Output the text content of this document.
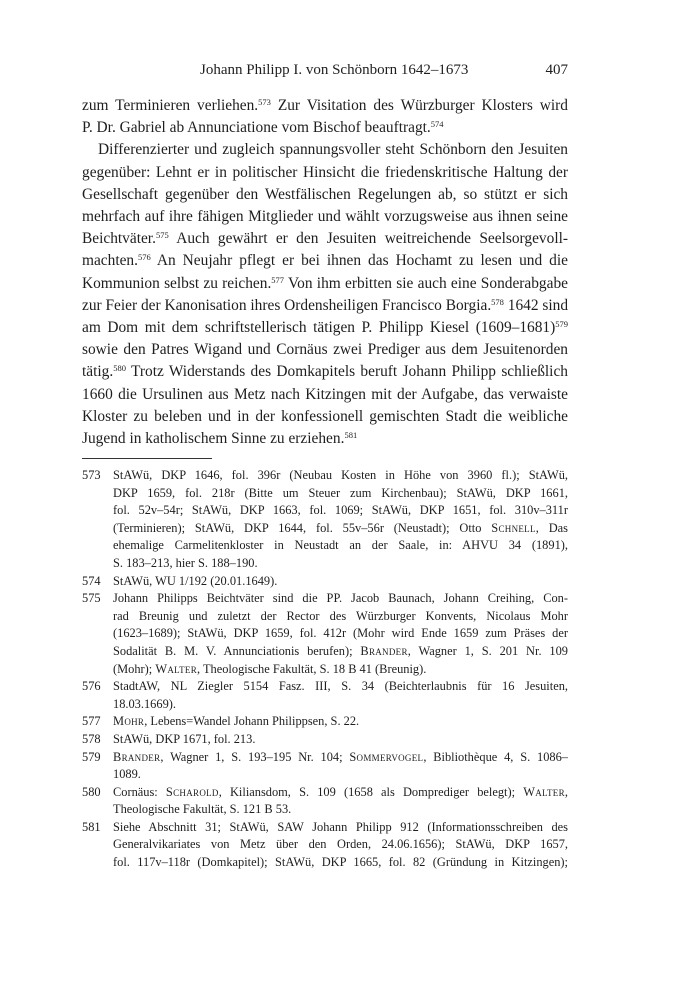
Johann Philipp I. von Schönborn 1642–1673	407

zum Terminieren verliehen.$^{573}$ Zur Visitation des Würzburger Klosters wird
P. Dr. Gabriel ab Annunciatione vom Bischof beauftragt.$^{574}$

Differenzierter und zugleich spannungsvoller steht Schönborn den Jesuiten
gegenüber: Lehnt er in politischer Hinsicht die friedenskritische Haltung der
Gesellschaft gegenüber den Westfälischen Regelungen ab, so stützt er sich
mehrfach auf ihre fähigen Mitglieder und wählt vorzugsweise aus ihnen seine
Beichtväter.$^{575}$ Auch gewährt er den Jesuiten weitreichende Seelsorgevoll-
machten.$^{576}$ An Neujahr pflegt er bei ihnen das Hochamt zu lesen und die
Kommunion selbst zu reichen.$^{577}$ Von ihm erbitten sie auch eine Sonderabgabe
zur Feier der Kanonisation ihres Ordensheiligen Francisco Borgia.$^{578}$ 1642 sind
am Dom mit dem schriftstellerisch tätigen P. Philipp Kiesel (1609–1681)$^{579}$
sowie den Patres Wigand und Cornäus zwei Prediger aus dem Jesuitenorden
tätig.$^{580}$ Trotz Widerstands des Domkapitels beruft Johann Philipp schließlich
1660 die Ursulinen aus Metz nach Kitzingen mit der Aufgabe, das verwaiste
Kloster zu beleben und in der konfessionell gemischten Stadt die weibliche
Jugend in katholischem Sinne zu erziehen.$^{581}$

573 StAWü, DKP 1646, fol. 396r (Neubau Kosten in Höhe von 3960 fl.); StAWü,
DKP 1659, fol. 218r (Bitte um Steuer zum Kirchenbau); StAWü, DKP 1661,
fol. 52v–54r; StAWü, DKP 1663, fol. 1069; StAWü, DKP 1651, fol. 310v–311r
(Terminieren); StAWü, DKP 1644, fol. 55v–56r (Neustadt); Otto Schnell, Das
ehemalige Carmelitenkloster in Neustadt an der Saale, in: AHVU 34 (1891),
S. 183–213, hier S. 188–190.
574 StAWü, WU 1/192 (20.01.1649).
575 Johann Philipps Beichtväter sind die PP. Jacob Baunach, Johann Creihing, Con-
rad Breunig und zuletzt der Rector des Würzburger Konvents, Nicolaus Mohr
(1623–1689); StAWü, DKP 1659, fol. 412r (Mohr wird Ende 1659 zum Präses der
Sodalität B. M. V. Annunciationis berufen); Brander, Wagner 1, S. 201 Nr. 109
(Mohr); Walter, Theologische Fakultät, S. 18 B 41 (Breunig).
576 StadtAW, NL Ziegler 5154 Fasz. III, S. 34 (Beichterlaubnis für 16 Jesuiten,
18.03.1669).
577 Mohr, Lebens=Wandel Johann Philippsen, S. 22.
578 StAWü, DKP 1671, fol. 213.
579 Brander, Wagner 1, S. 193–195 Nr. 104; Sommervogel, Bibliothèque 4, S. 1086–
1089.
580 Cornäus: Scharold, Kiliansdom, S. 109 (1658 als Domprediger belegt); Walter,
Theologische Fakultät, S. 121 B 53.
581 Siehe Abschnitt 31; StAWü, SAW Johann Philipp 912 (Informationsschreiben des
Generalvikariates von Metz über den Orden, 24.06.1656); StAWü, DKP 1657,
fol. 117v–118r (Domkapitel); StAWü, DKP 1665, fol. 82 (Gründung in Kitzingen);
